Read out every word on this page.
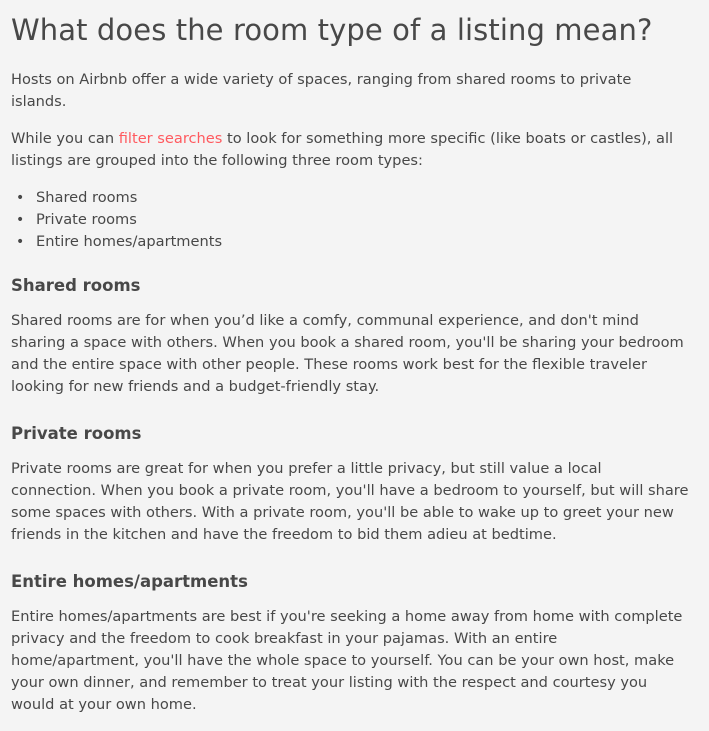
What does the room type of a listing mean?

Hosts on Airbnb offer a wide variety of spaces, ranging from shared rooms to private islands.

While you can filter searches to look for something more specific (like boats or castles), all listings are grouped into the following three room types:

• Shared rooms
• Private rooms
• Entire homes/apartments
Shared rooms

Shared rooms are for when you’d like a comfy, communal experience, and don't mind sharing a space with others. When you book a shared room, you'll be sharing your bedroom and the entire space with other people. These rooms work best for the flexible traveler looking for new friends and a budget-friendly stay.

Private rooms

Private rooms are great for when you prefer a little privacy, but still value a local connection. When you book a private room, you'll have a bedroom to yourself, but will share some spaces with others. With a private room, you'll be able to wake up to greet your new friends in the kitchen and have the freedom to bid them adieu at bedtime.

Entire homes/apartments

Entire homes/apartments are best if you're seeking a home away from home with complete privacy and the freedom to cook breakfast in your pajamas. With an entire home/apartment, you'll have the whole space to yourself. You can be your own host, make your own dinner, and remember to treat your listing with the respect and courtesy you would at your own home.
